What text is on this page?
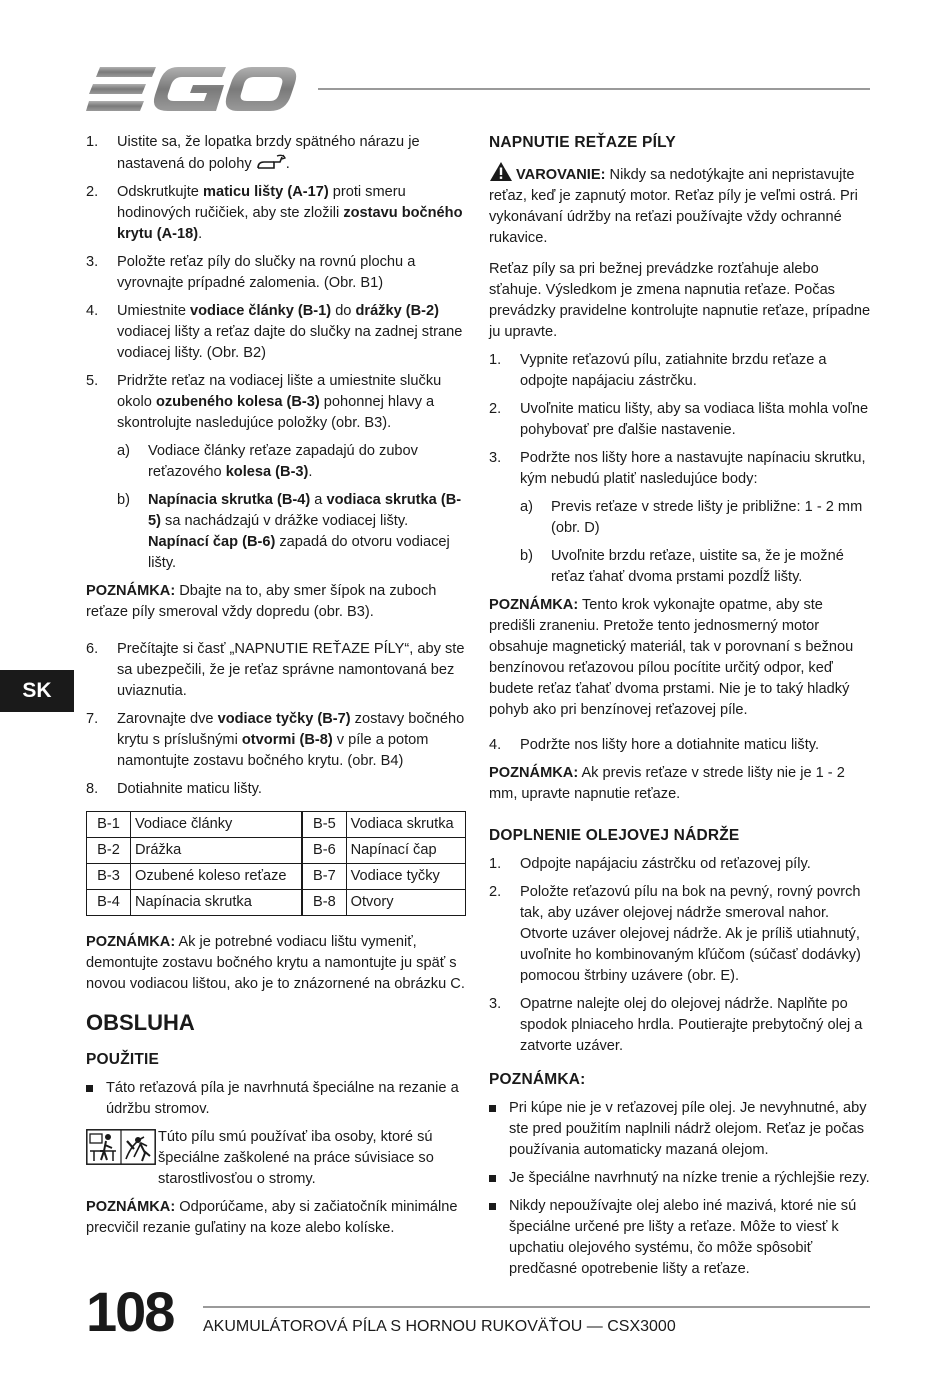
SK
1.	Uistite sa, že lopatka brzdy spätného nárazu je nastavená do polohy .
2.	Odskrutkujte maticu lišty (A-17) proti smeru hodinových ručičiek, aby ste zložili zostavu bočného krytu (A-18).
3.	Položte reťaz píly do slučky na rovnú plochu a vyrovnajte prípadné zalomenia. (Obr. B1)
4.	Umiestnite vodiace články (B-1) do drážky (B-2) vodiacej lišty a reťaz dajte do slučky na zadnej strane vodiacej lišty. (Obr. B2)
5.	Pridržte reťaz na vodiacej lište a umiestnite slučku okolo ozubeného kolesa (B-3) pohonnej hlavy a skontrolujte nasledujúce položky (obr. B3).
a)	Vodiace články reťaze zapadajú do zubov reťazového kolesa (B-3).
b)	Napínacia skrutka (B-4) a vodiaca skrutka (B-5) sa nachádzajú v drážke vodiacej lišty. Napínací čap (B-6) zapadá do otvoru vodiacej lišty.

POZNÁMKA: Dbajte na to, aby smer šípok na zuboch reťaze píly smeroval vždy dopredu (obr. B3).

6.	Prečítajte si časť „NAPNUTIE REŤAZE PÍLY“, aby ste sa ubezpečili, že je reťaz správne namontovaná bez uviaznutia.
7.	Zarovnajte dve vodiace tyčky (B-7) zostavy bočného krytu s príslušnými otvormi (B-8) v píle a potom namontujte zostavu bočného krytu. (obr. B4)
8.	Dotiahnite maticu lišty.
B-1	Vodiace články	B-5	Vodiaca skrutka
B-2	Drážka	B-6	Napínací čap
B-3	Ozubené koleso reťaze	B-7	Vodiace tyčky
B-4	Napínacia skrutka	B-8	Otvory

POZNÁMKA: Ak je potrebné vodiacu lištu vymeniť, demontujte zostavu bočného krytu a namontujte ju späť s novou vodiacou lištou, ako je to znázornené na obrázku C.

OBSLUHA
POUŽITIE
Táto reťazová píla je navrhnutá špeciálne na rezanie a údržbu stromov.
Túto pílu smú používať iba osoby, ktoré sú špeciálne zaškolené na práce súvisiace so starostlivosťou o stromy.

POZNÁMKA: Odporúčame, aby si začiatočník minimálne precvičil rezanie guľatiny na koze alebo kolíske.

NAPNUTIE REŤAZE PÍLY

VAROVANIE: Nikdy sa nedotýkajte ani nepristavujte reťaz, keď je zapnutý motor. Reťaz píly je veľmi ostrá. Pri vykonávaní údržby na reťazi používajte vždy ochranné rukavice.

Reťaz píly sa pri bežnej prevádzke rozťahuje alebo sťahuje. Výsledkom je zmena napnutia reťaze. Počas prevádzky pravidelne kontrolujte napnutie reťaze, prípadne ju upravte.

1.	Vypnite reťazovú pílu, zatiahnite brzdu reťaze a odpojte napájaciu zástrčku.
2.	Uvoľnite maticu lišty, aby sa vodiaca lišta mohla voľne pohybovať pre ďalšie nastavenie.
3.	Podržte nos lišty hore a nastavujte napínaciu skrutku, kým nebudú platiť nasledujúce body:
a)	Previs reťaze v strede lišty je približne: 1 - 2 mm (obr. D)
b)	Uvoľnite brzdu reťaze, uistite sa, že je možné reťaz ťahať dvoma prstami pozdĺž lišty.

POZNÁMKA: Tento krok vykonajte opatme, aby ste predišli zraneniu. Pretože tento jednosmerný motor obsahuje magnetický materiál, tak v porovnaní s bežnou benzínovou reťazovou pílou pocítite určitý odpor, keď budete reťaz ťahať dvoma prstami. Nie je to taký hladký pohyb ako pri benzínovej reťazovej píle.

4.	Podržte nos lišty hore a dotiahnite maticu lišty.

POZNÁMKA: Ak previs reťaze v strede lišty nie je 1 - 2 mm, upravte napnutie reťaze.

DOPLNENIE OLEJOVEJ NÁDRŽE
1.	Odpojte napájaciu zástrčku od reťazovej píly.
2.	Položte reťazovú pílu na bok na pevný, rovný povrch tak, aby uzáver olejovej nádrže smeroval nahor. Otvorte uzáver olejovej nádrže. Ak je príliš utiahnutý, uvoľnite ho kombinovaným kľúčom (súčasť dodávky) pomocou štrbiny uzávere (obr. E).
3.	Opatrne nalejte olej do olejovej nádrže. Naplňte po spodok plniaceho hrdla. Poutierajte prebytočný olej a zatvorte uzáver.
POZNÁMKA:
Pri kúpe nie je v reťazovej píle olej. Je nevyhnutné, aby ste pred použitím naplnili nádrž olejom. Reťaz je počas používania automaticky mazaná olejom.
Je špeciálne navrhnutý na nízke trenie a rýchlejšie rezy.
Nikdy nepoužívajte olej alebo iné mazivá, ktoré nie sú špeciálne určené pre lišty a reťaze. Môže to viesť k upchatiu olejového systému, čo môže spôsobiť predčasné opotrebenie lišty a reťaze.
108 AKUMULÁTOROVÁ PÍLA S HORNOU RUKOVÄŤOU — CSX3000
